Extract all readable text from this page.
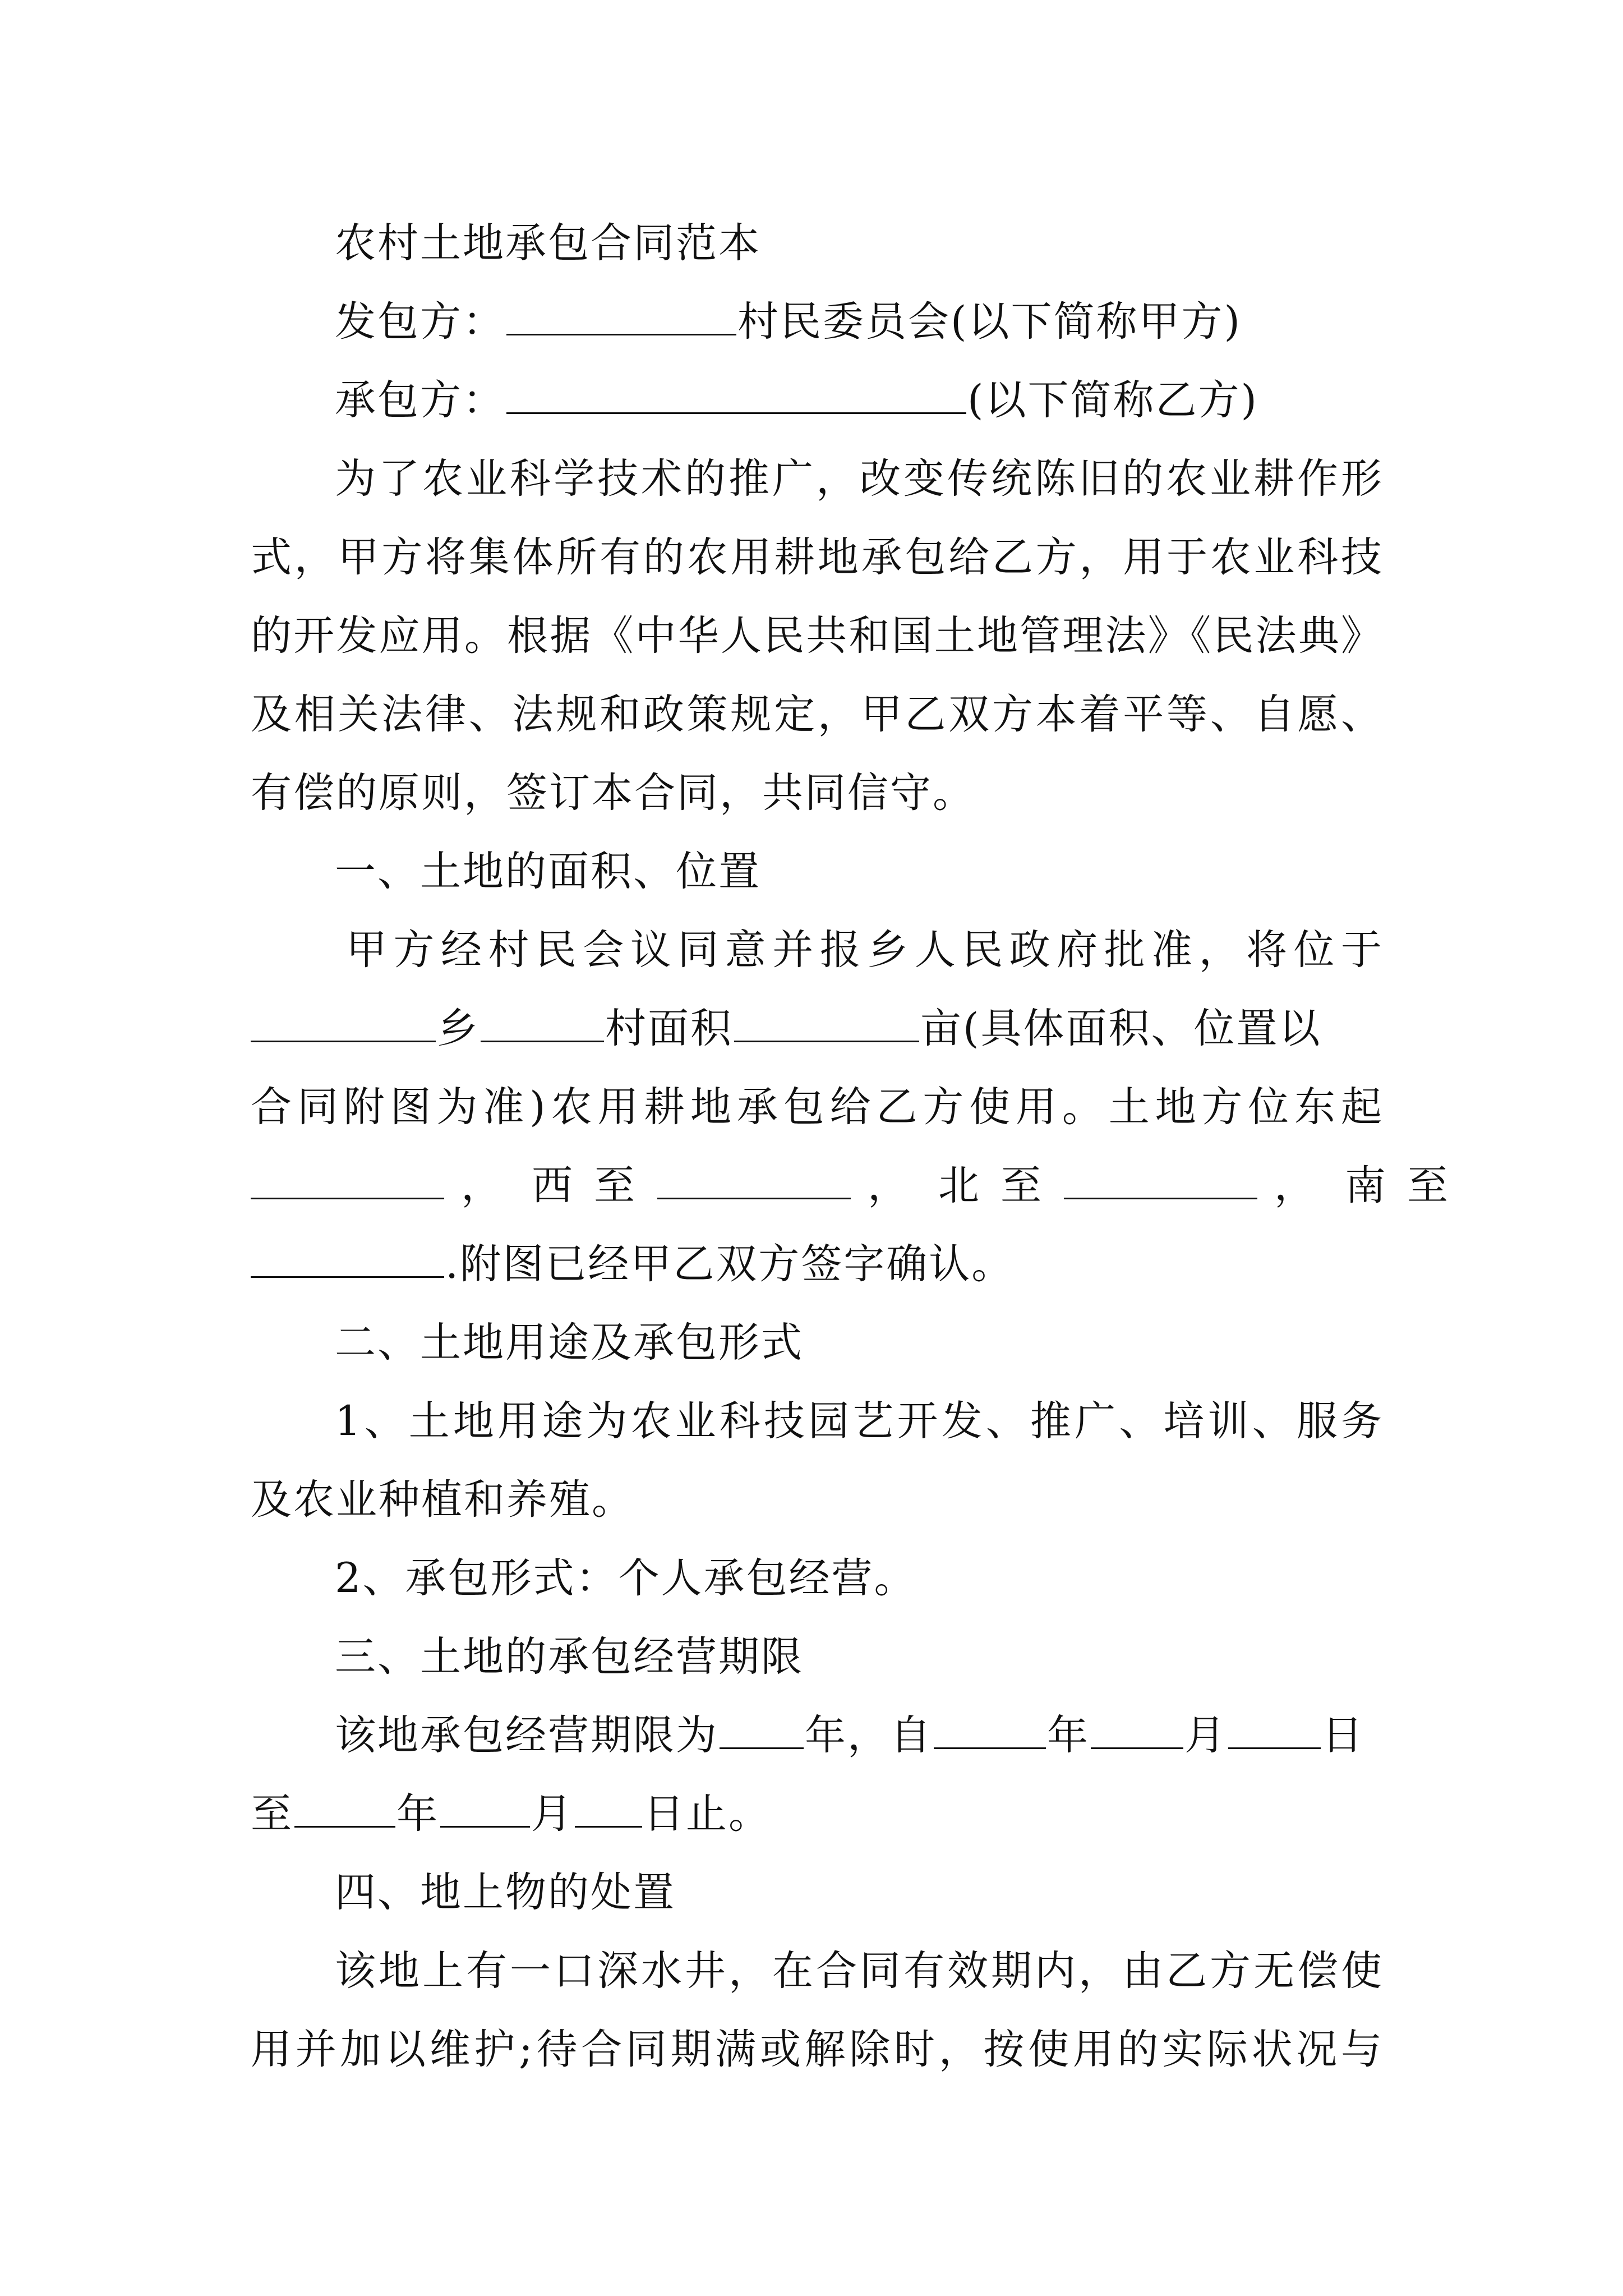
农村土地承包合同范本
发包方：	村民委员会(以下简称甲方)
承包方：	(以下简称乙方)
为了农业科学技术的推广，改变传统陈旧的农业耕作形
式，甲方将集体所有的农用耕地承包给乙方，用于农业科技
的开发应用。根据《中华人民共和国土地管理法》《民法典》
及相关法律、法规和政策规定，甲乙双方本着平等、自愿、
有偿的原则，签订本合同，共同信守。
一、土地的面积、位置
甲方经村民会议同意并报乡人民政府批准，将位于
乡	村面积	亩(具体面积、位置以
合同附图为准)农用耕地承包给乙方使用。土地方位东起
， 西至	， 北至	， 南至
.附图已经甲乙双方签字确认。
二、土地用途及承包形式
1、土地用途为农业科技园艺开发、推广、培训、服务
及农业种植和养殖。
2、承包形式：个人承包经营。
三、土地的承包经营期限
该地承包经营期限为 年，自	年 月 日
至	年 月 日止。
四、地上物的处置
该地上有一口深水井，在合同有效期内，由乙方无偿使
用并加以维护;待合同期满或解除时，按使用的实际状况与
